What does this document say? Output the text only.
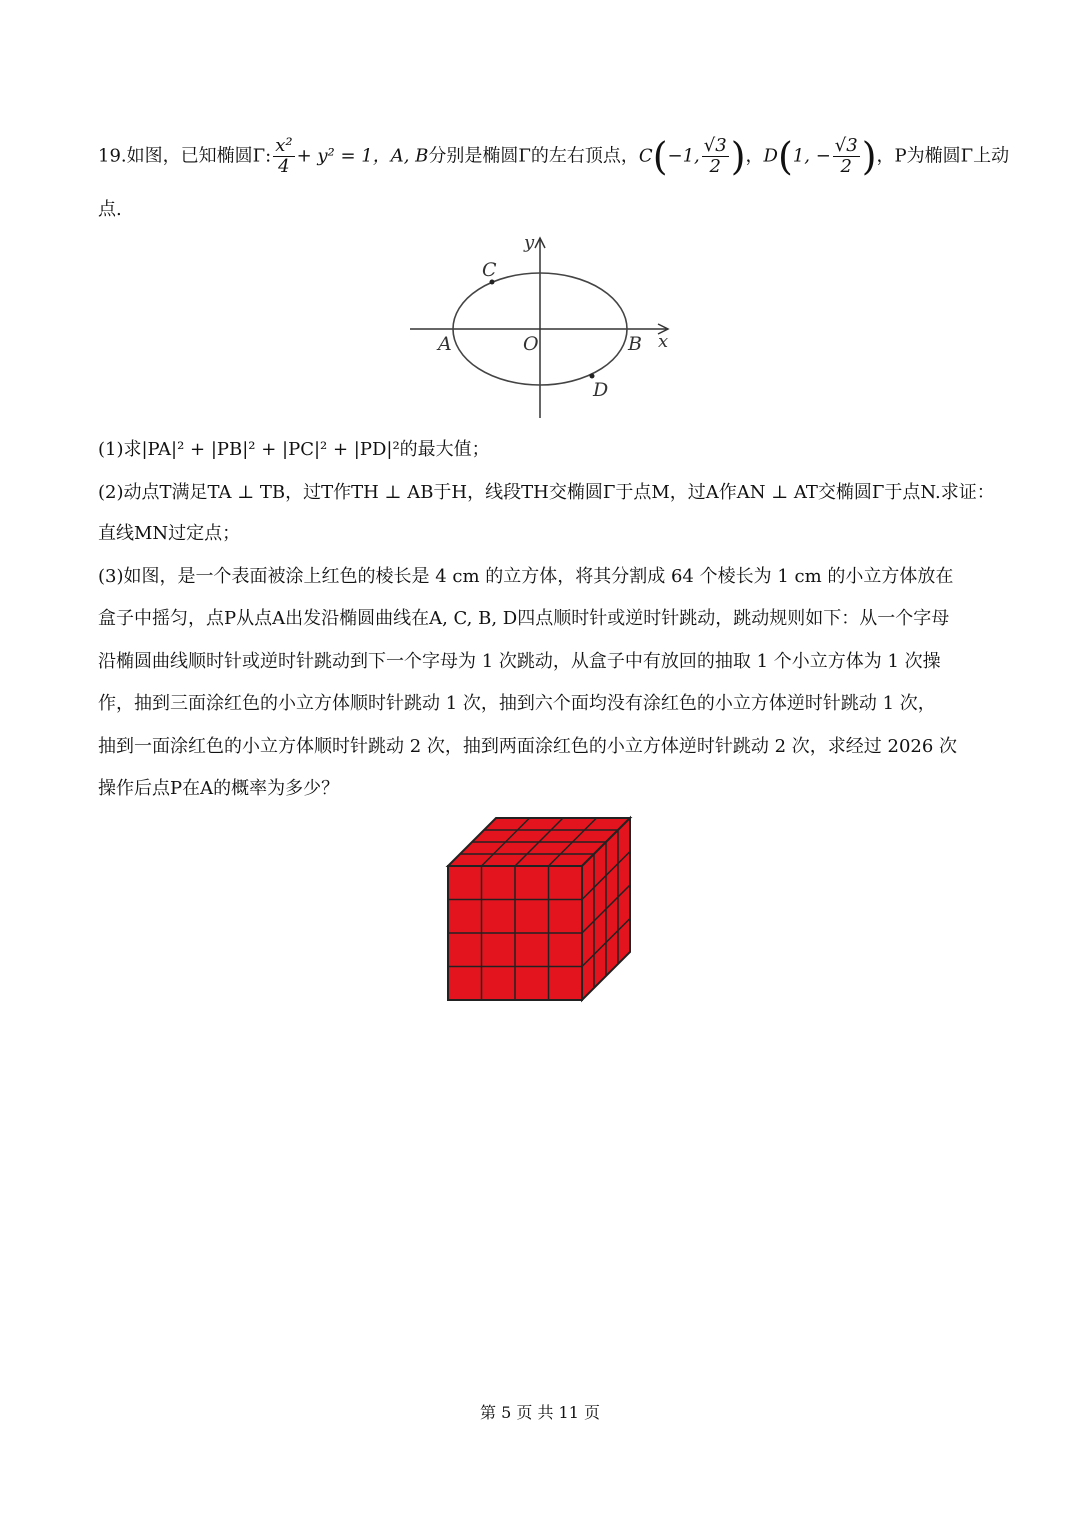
19.如图，已知椭圆Γ: $\frac{\text{x²}}{4} + y^2 = 1$，A, B分别是椭圆Γ的左右顶点，C(−1, $\frac{√3}{2}$ )，D(1, − $\frac{√3}{2}$ )，P为椭圆Γ上动
点.
y
x
C
A	O	B
D
(1)求|PA|² + |PB|² + |PC|² + |PD|²的最大值；
(2)动点T满足TA ⊥ TB，过T作TH ⊥ AB于H，线段TH交椭圆Γ于点M，过A作AN ⊥ AT交椭圆Γ于点N.求证：
直线MN过定点；
(3)如图，是一个表面被涂上红色的棱长是 4 cm 的立方体，将其分割成 64 个棱长为 1 cm 的小立方体放在
盒子中摇匀，点P从点A出发沿椭圆曲线在A, C, B, D四点顺时针或逆时针跳动，跳动规则如下：从一个字母
沿椭圆曲线顺时针或逆时针跳动到下一个字母为 1 次跳动，从盒子中有放回的抽取 1 个小立方体为 1 次操
作，抽到三面涂红色的小立方体顺时针跳动 1 次，抽到六个面均没有涂红色的小立方体逆时针跳动 1 次，
抽到一面涂红色的小立方体顺时针跳动 2 次，抽到两面涂红色的小立方体逆时针跳动 2 次，求经过 2026 次
操作后点P在A的概率为多少？
第 5 页 共 11 页
